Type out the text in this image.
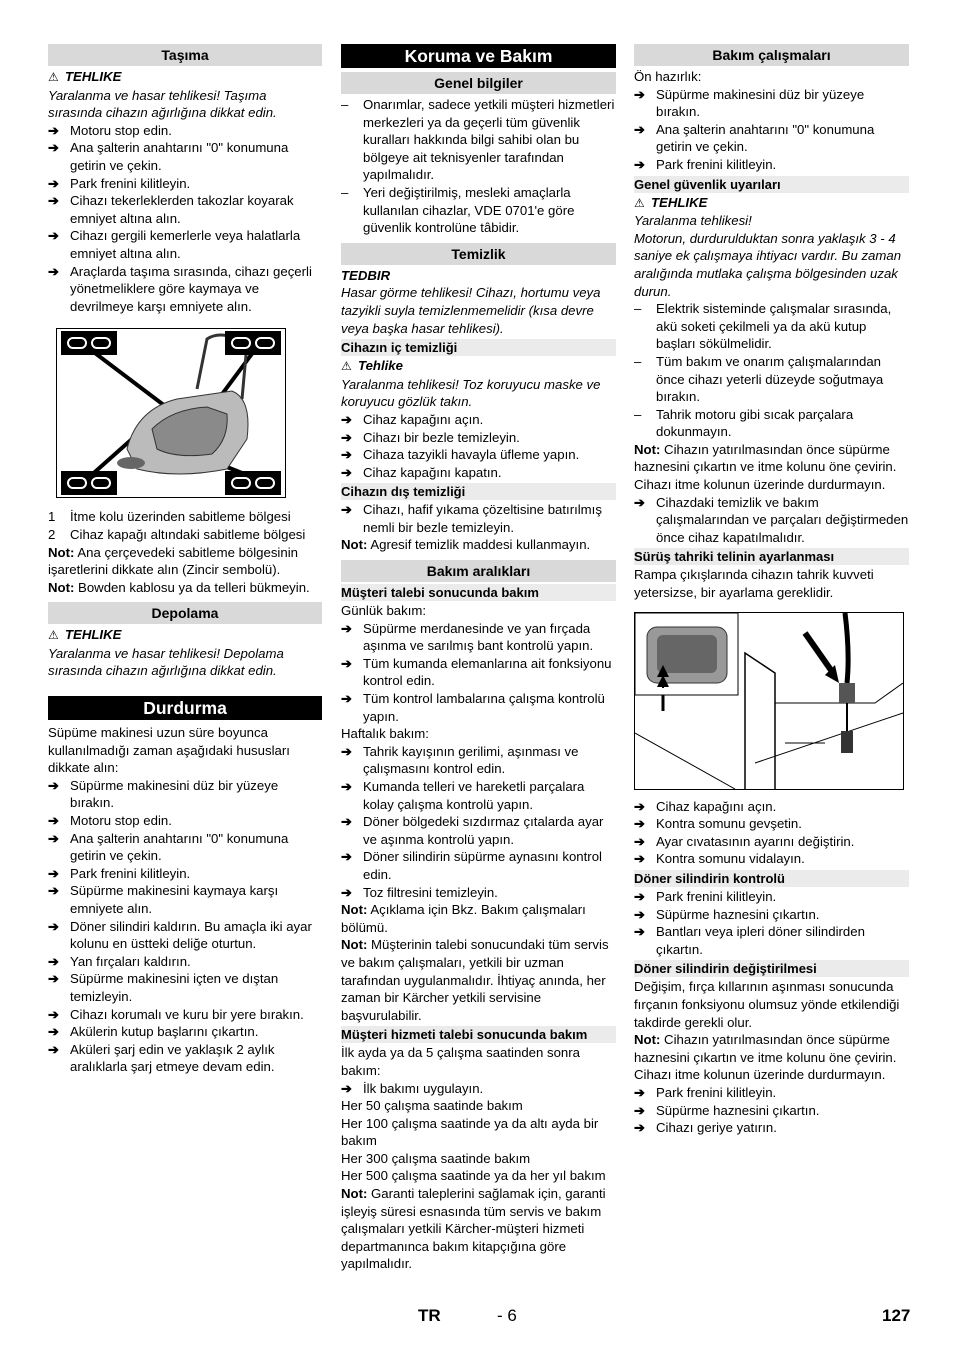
Taşıma
⚠ TEHLIKE

Yaralanma ve hasar tehlikesi! Taşıma sırasında cihazın ağırlığına dikkat edin.

➔ Motoru stop edin.
➔ Ana şalterin anahtarını "0" konumuna getirin ve çekin.
➔ Park frenini kilitleyin.
➔ Cihazı tekerleklerden takozlar koyarak emniyet altına alın.
➔ Cihazı gergili kemerlerle veya halatlarla emniyet altına alın.
➔ Araçlarda taşıma sırasında, cihazı geçerli yönetmeliklere göre kaymaya ve devrilmeye karşı emniyete alın.
1	İtme kolu üzerinden sabitleme bölgesi
2	Cihaz kapağı altındaki sabitleme bölgesi

Not: Ana çerçevedeki sabitleme bölgesinin işaretlerini dikkate alın (Zincir sembolü).

Not: Bowden kablosu ya da telleri bükmeyin.

Depolama
⚠ TEHLIKE

Yaralanma ve hasar tehlikesi! Depolama sırasında cihazın ağırlığına dikkat edin.

Durdurma

Süpüme makinesi uzun süre boyunca kullanılmadığı zaman aşağıdaki hususları dikkate alın:

➔ Süpürme makinesini düz bir yüzeye bırakın.
➔ Motoru stop edin.
➔ Ana şalterin anahtarını "0" konumuna getirin ve çekin.
➔ Park frenini kilitleyin.
➔ Süpürme makinesini kaymaya karşı emniyete alın.
➔ Döner silindiri kaldırın. Bu amaçla iki ayar kolunu en üstteki deliğe oturtun.
➔ Yan fırçaları kaldırın.
➔ Süpürme makinesini içten ve dıştan temizleyin.
➔ Cihazı korumalı ve kuru bir yere bırakın.
➔ Akülerin kutup başlarını çıkartın.
➔ Aküleri şarj edin ve yaklaşık 2 aylık aralıklarla şarj etmeye devam edin.
Koruma ve Bakım
Genel bilgiler
–	Onarımlar, sadece yetkili müşteri hizmetleri merkezleri ya da geçerli tüm güvenlik kuralları hakkında bilgi sahibi olan bu bölgeye ait teknisyenler tarafından yapılmalıdır.
–	Yeri değiştirilmiş, mesleki amaçlarla kullanılan cihazlar, VDE 0701'e göre güvenlik kontrolüne tâbidir.
Temizlik
TEDBIR

Hasar görme tehlikesi! Cihazı, hortumu veya tazyikli suyla temizlenmemelidir (kısa devre veya başka hasar tehlikesi).

Cihazın iç temizliği
⚠ Tehlike

Yaralanma tehlikesi! Toz koruyucu maske ve koruyucu gözlük takın.

➔ Cihaz kapağını açın.
➔ Cihazı bir bezle temizleyin.
➔ Cihaza tazyikli havayla üfleme yapın.
➔ Cihaz kapağını kapatın.
Cihazın dış temizliği
➔ Cihazı, hafif yıkama çözeltisine batırılmış nemli bir bezle temizleyin.

Not: Agresif temizlik maddesi kullanmayın.

Bakım aralıkları
Müşteri talebi sonucunda bakım

Günlük bakım:

➔ Süpürme merdanesinde ve yan fırçada aşınma ve sarılmış bant kontrolü yapın.
➔ Tüm kumanda elemanlarına ait fonksiyonu kontrol edin.
➔ Tüm kontrol lambalarına çalışma kontrolü yapın.

Haftalık bakım:

➔ Tahrik kayışının gerilimi, aşınması ve çalışmasını kontrol edin.
➔ Kumanda telleri ve hareketli parçalara kolay çalışma kontrolü yapın.
➔ Döner bölgedeki sızdırmaz çıtalarda ayar ve aşınma kontrolü yapın.
➔ Döner silindirin süpürme aynasını kontrol edin.
➔ Toz filtresini temizleyin.

Not: Açıklama için Bkz. Bakım çalışmaları bölümü.

Not: Müşterinin talebi sonucundaki tüm servis ve bakım çalışmaları, yetkili bir uzman tarafından uygulanmalıdır. İhtiyaç anında, her zaman bir Kärcher yetkili servisine başvurulabilir.

Müşteri hizmeti talebi sonucunda bakım

İlk ayda ya da 5 çalışma saatinden sonra bakım:

➔ İlk bakımı uygulayın.

Her 50 çalışma saatinde bakım

Her 100 çalışma saatinde ya da altı ayda bir bakım

Her 300 çalışma saatinde bakım

Her 500 çalışma saatinde ya da her yıl bakım

Not: Garanti taleplerini sağlamak için, garanti işleyiş süresi esnasında tüm servis ve bakım çalışmaları yetkili Kärcher-müşteri hizmeti departmanınca bakım kitapçığına göre yapılmalıdır.

Bakım çalışmaları

Ön hazırlık:

➔ Süpürme makinesini düz bir yüzeye bırakın.
➔ Ana şalterin anahtarını "0" konumuna getirin ve çekin.
➔ Park frenini kilitleyin.
Genel güvenlik uyarıları
⚠ TEHLIKE

Yaralanma tehlikesi!

Motorun, durdurulduktan sonra yaklaşık 3 - 4 saniye ek çalışmaya ihtiyacı vardır. Bu zaman aralığında mutlaka çalışma bölgesinden uzak durun.

–	Elektrik sisteminde çalışmalar sırasında, akü soketi çekilmeli ya da akü kutup başları sökülmelidir.
–	Tüm bakım ve onarım çalışmalarından önce cihazı yeterli düzeyde soğutmaya bırakın.
–	Tahrik motoru gibi sıcak parçalara dokunmayın.

Not: Cihazın yatırılmasından önce süpürme haznesini çıkartın ve itme kolunu öne çevirin. Cihazı itme kolunun üzerinde durdurmayın.

➔ Cihazdaki temizlik ve bakım çalışmalarından ve parçaları değiştirmeden önce cihaz kapatılmalıdır.
Sürüş tahriki telinin ayarlanması

Rampa çıkışlarında cihazın tahrik kuvveti yetersizse, bir ayarlama gereklidir.

➔ Cihaz kapağını açın.
➔ Kontra somunu gevşetin.
➔ Ayar cıvatasının ayarını değiştirin.
➔ Kontra somunu vidalayın.
Döner silindirin kontrolü
➔ Park frenini kilitleyin.
➔ Süpürme haznesini çıkartın.
➔ Bantları veya ipleri döner silindirden çıkartın.
Döner silindirin değiştirilmesi

Değişim, fırça kıllarının aşınması sonucunda fırçanın fonksiyonu olumsuz yönde etkilendiği takdirde gerekli olur.

Not: Cihazın yatırılmasından önce süpürme haznesini çıkartın ve itme kolunu öne çevirin. Cihazı itme kolunun üzerinde durdurmayın.

➔ Park frenini kilitleyin.
➔ Süpürme haznesini çıkartın.
➔ Cihazı geriye yatırın.
TR	- 6	127
